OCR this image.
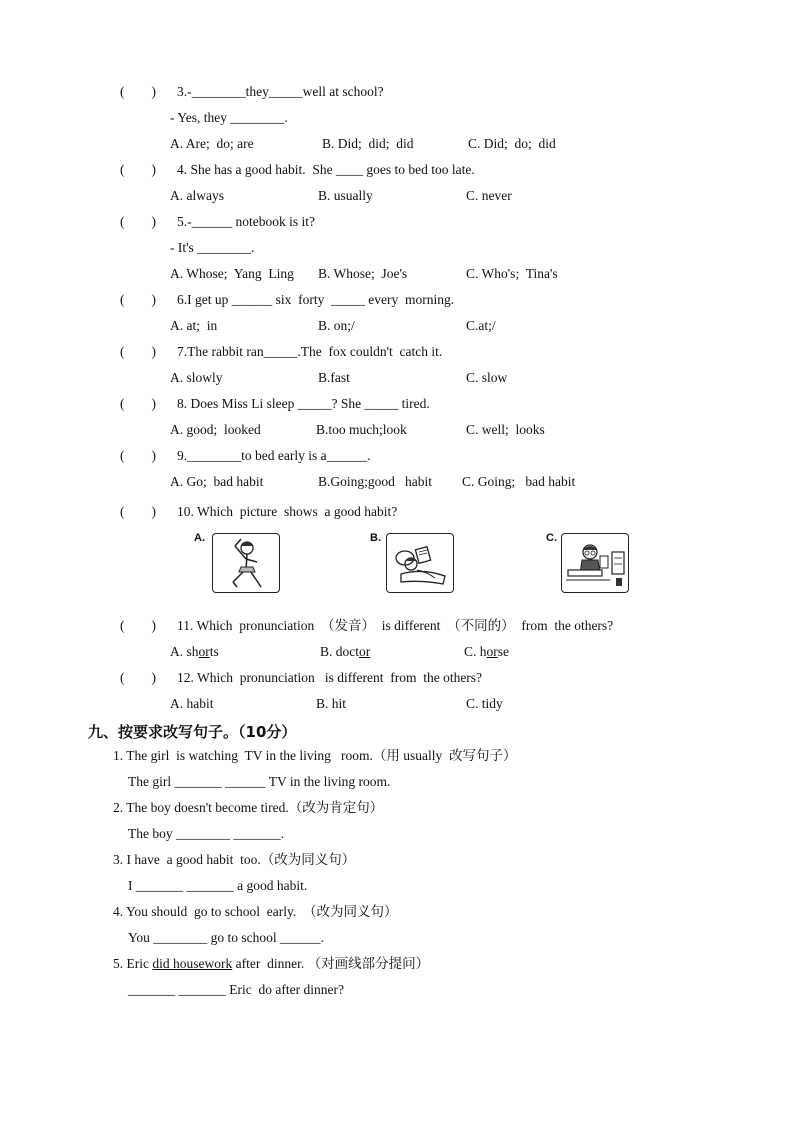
(        ) 3.-________they_____well at school?
- Yes, they ________.
A. Are;  do; are	B. Did;  did;  did	C. Did;  do;  did
(        ) 4. She has a good habit.  She ____ goes to bed too late.
A. always	B. usually	C. never
(        ) 5.-______ notebook is it?
- It's ________.
A. Whose;  Yang  Ling B. Whose;  Joe's	C. Who's;  Tina's
(        ) 6.I get up ______ six  forty  _____ every  morning.
A. at;  in	B. on;/	C.at;/
(        ) 7.The rabbit ran_____.The  fox couldn't  catch it.
A. slowly	B.fast	C. slow
(        ) 8. Does Miss Li sleep _____? She _____ tired.
A. good;  looked	B.too much;look	C. well;  looks
(        ) 9.________to bed early is a______.
A. Go;  bad habit	B.Going;good   habit C. Going;   bad habit
(        ) 10. Which  picture  shows  a good habit?
A.	B.	C.
(        ) 11. Which  pronunciation  （发音）  is different  （不同的）  from  the others?
A. shorts	B. doctor	C. horse
(        ) 12. Which  pronunciation   is different  from  the others?
A. habit	B. hit	C. tidy
九、按要求改写句子。（10分）
1. The girl  is watching  TV in the living   room.（用 usually  改写句子）
The girl _______ ______ TV in the living room.
2. The boy doesn't become tired.（改为肯定句）
The boy ________ _______.
3. I have  a good habit  too.（改为同义句）
I _______ _______ a good habit.
4. You should  go to school  early.  （改为同义句）
You ________ go to school ______.
5. Eric did housework after  dinner. （对画线部分提问）
_______ _______ Eric  do after dinner?
